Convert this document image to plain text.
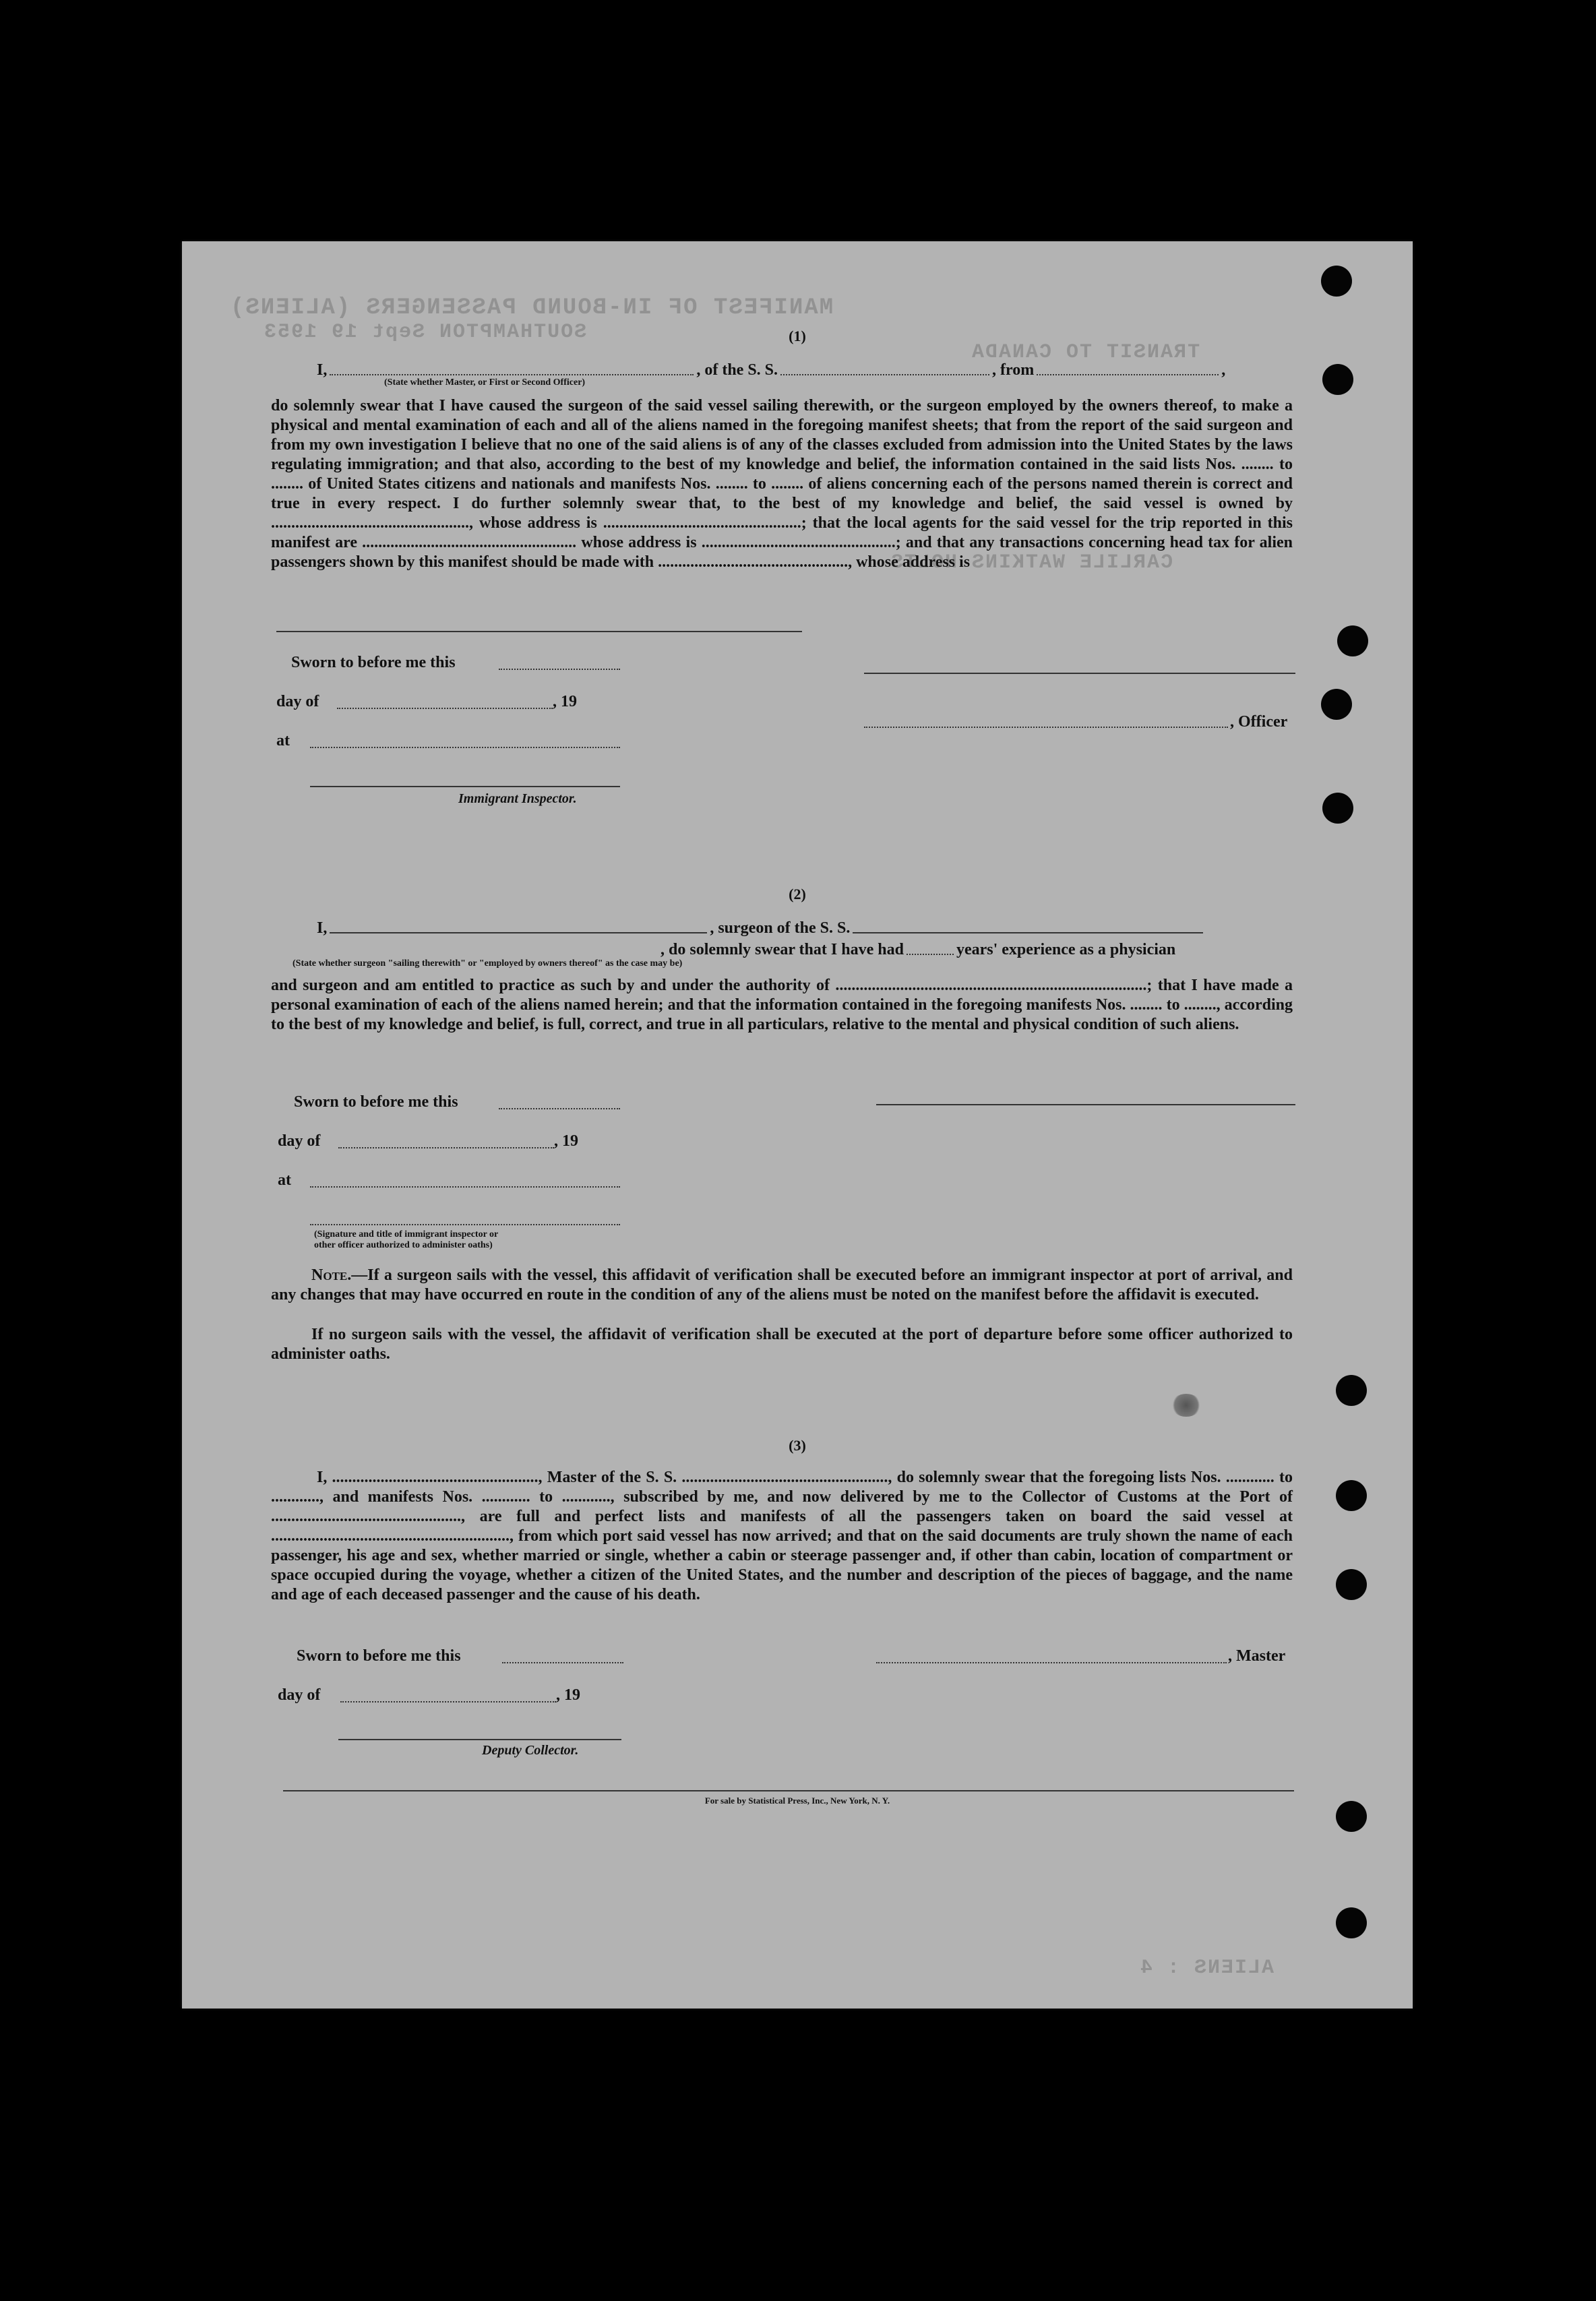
MANIFEST OF IN-BOUND PASSENGERS (ALIENS)
SOUTHAMPTON Sept 19 1953
TRANSIT TO CANADA
CARLILE WATKINS HOLTS
ALIENS : 4
(1)
I,	, of the S. S.	, from	,
(State whether Master, or First or Second Officer)
do solemnly swear that I have caused the surgeon of the said vessel sailing therewith, or the surgeon employed by the owners thereof, to make a physical and mental examination of each and all of the aliens named in the foregoing manifest sheets; that from the report of the said surgeon and from my own investigation I believe that no one of the said aliens is of any of the classes excluded from admission into the United States by the laws regulating immigration; and that also, according to the best of my knowledge and belief, the information contained in the said lists Nos. ........ to ........ of United States citizens and nationals and manifests Nos. ........ to ........ of aliens concerning each of the persons named therein is correct and true in every respect. I do further solemnly swear that, to the best of my knowledge and belief, the said vessel is owned by ................................................., whose address is .................................................; that the local agents for the said vessel for the trip reported in this manifest are ..................................................... whose address is ................................................; and that any transactions concerning head tax for alien passengers shown by this manifest should be made with ..............................................., whose address is
Sworn to before me this
day of	, 19
at
Immigrant Inspector.
, Officer
(2)
I,	, surgeon of the S. S.
, do solemnly swear that I have had	years' experience as a physician
(State whether surgeon "sailing therewith" or "employed by owners thereof" as the case may be)
and surgeon and am entitled to practice as such by and under the authority of .............................................................................; that I have made a personal examination of each of the aliens named herein; and that the information contained in the foregoing manifests Nos. ........ to ........, according to the best of my knowledge and belief, is full, correct, and true in all particulars, relative to the mental and physical condition of such aliens.
Sworn to before me this
day of	, 19
at
(Signature and title of immigrant inspector or
other officer authorized to administer oaths)
Note.—If a surgeon sails with the vessel, this affidavit of verification shall be executed before an immigrant inspector at port of arrival, and any changes that may have occurred en route in the condition of any of the aliens must be noted on the manifest before the affidavit is executed.
If no surgeon sails with the vessel, the affidavit of verification shall be executed at the port of departure before some officer authorized to administer oaths.
(3)
I, ..................................................., Master of the S. S. ..................................................., do solemnly swear that the foregoing lists Nos. ............ to ............, and manifests Nos. ............ to ............, subscribed by me, and now delivered by me to the Collector of Customs at the Port of ..............................................., are full and perfect lists and manifests of all the passengers taken on board the said vessel at ..........................................................., from which port said vessel has now arrived; and that on the said documents are truly shown the name of each passenger, his age and sex, whether married or single, whether a cabin or steerage passenger and, if other than cabin, location of compartment or space occupied during the voyage, whether a citizen of the United States, and the number and description of the pieces of baggage, and the name and age of each deceased passenger and the cause of his death.
Sworn to before me this
day of	, 19
Deputy Collector.
, Master
For sale by Statistical Press, Inc., New York, N. Y.
